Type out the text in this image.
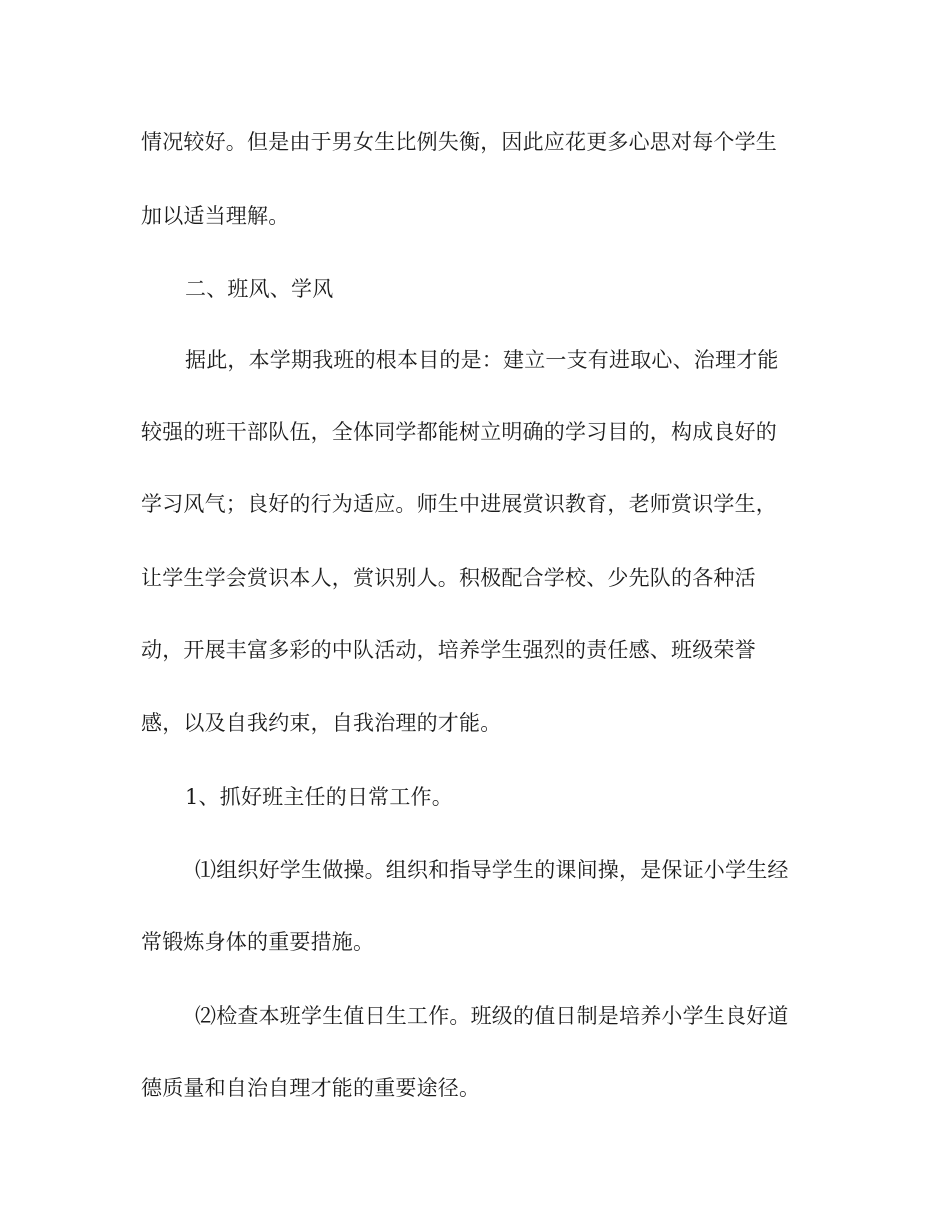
情况较好。但是由于男女生比例失衡，因此应花更多心思对每个学生
加以适当理解。
二、班风、学风
据此，本学期我班的根本目的是：建立一支有进取心、治理才能
较强的班干部队伍，全体同学都能树立明确的学习目的，构成良好的
学习风气；良好的行为适应。师生中进展赏识教育，老师赏识学生，
让学生学会赏识本人，赏识别人。积极配合学校、少先队的各种活
动，开展丰富多彩的中队活动，培养学生强烈的责任感、班级荣誉
感，以及自我约束，自我治理的才能。
1、抓好班主任的日常工作。
⑴组织好学生做操。组织和指导学生的课间操，是保证小学生经
常锻炼身体的重要措施。
⑵检查本班学生值日生工作。班级的值日制是培养小学生良好道
德质量和自治自理才能的重要途径。
